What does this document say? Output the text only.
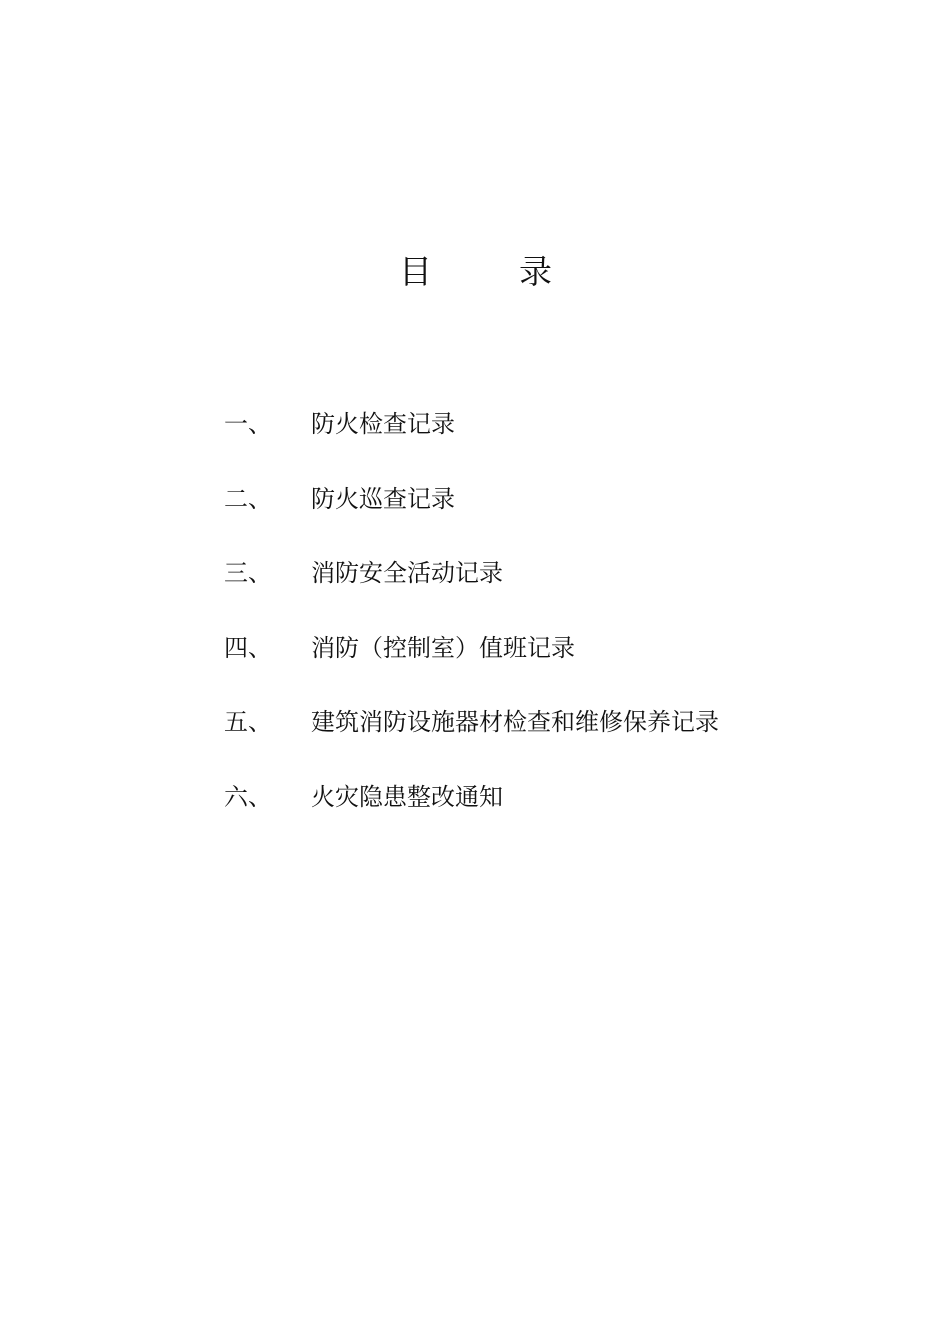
目	录
一、 防火检查记录
二、 防火巡查记录
三、 消防安全活动记录
四、 消防（控制室）值班记录
五、 建筑消防设施器材检查和维修保养记录
六、 火灾隐患整改通知
